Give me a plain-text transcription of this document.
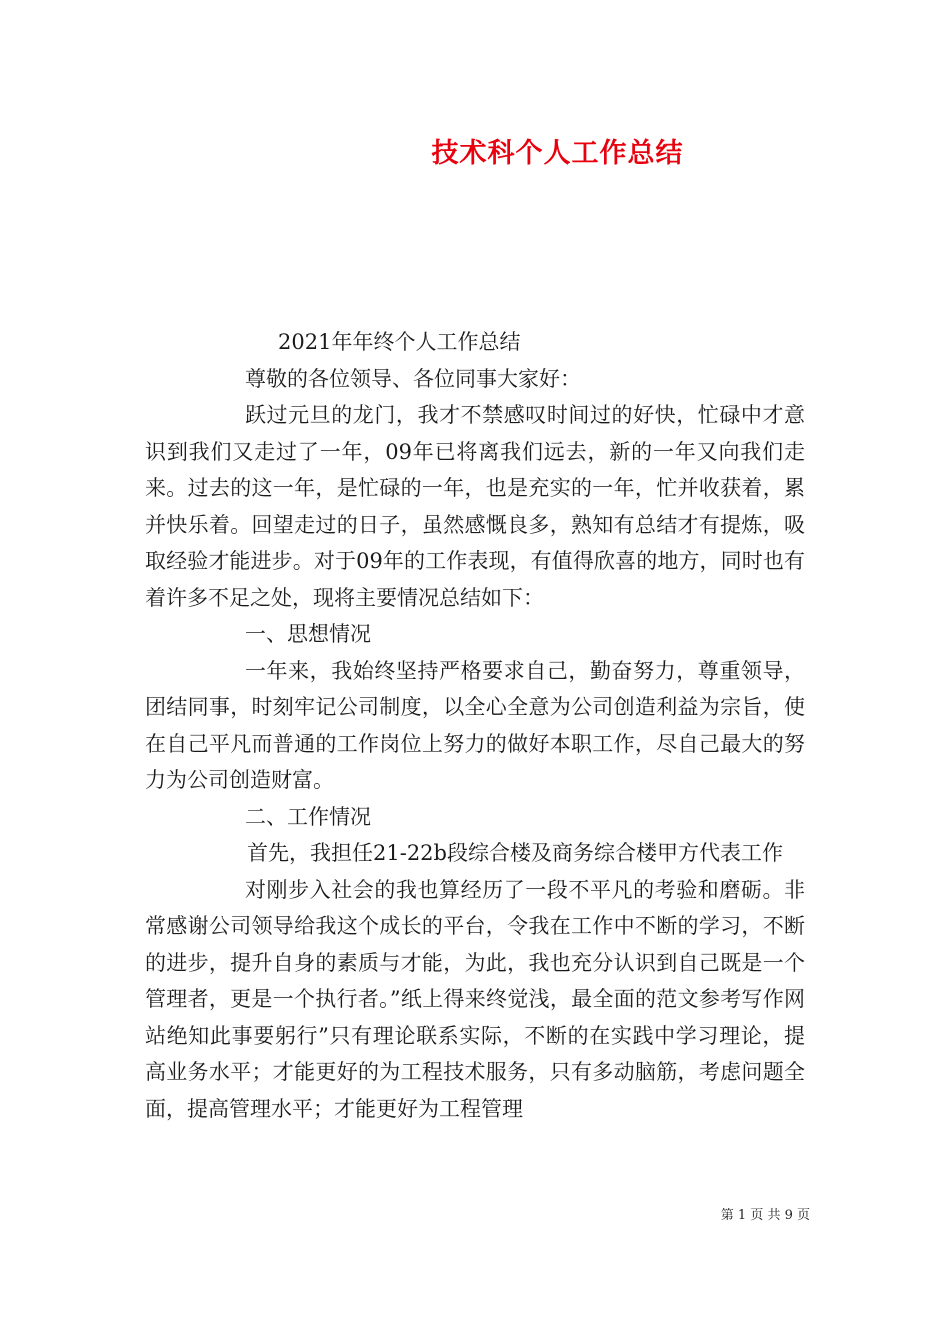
技术科个人工作总结

2021年年终个人工作总结

尊敬的各位领导、各位同事大家好：

跃过元旦的龙门，我才不禁感叹时间过的好快，忙碌中才意识到我们又走过了一年，09年已将离我们远去，新的一年又向我们走来。过去的这一年，是忙碌的一年，也是充实的一年，忙并收获着，累并快乐着。回望走过的日子，虽然感慨良多，熟知有总结才有提炼，吸取经验才能进步。对于09年的工作表现，有值得欣喜的地方，同时也有着许多不足之处，现将主要情况总结如下：

一、思想情况

一年来，我始终坚持严格要求自己，勤奋努力，尊重领导，团结同事，时刻牢记公司制度，以全心全意为公司创造利益为宗旨，使在自己平凡而普通的工作岗位上努力的做好本职工作，尽自己最大的努力为公司创造财富。

二、工作情况

首先，我担任21-22b段综合楼及商务综合楼甲方代表工作

对刚步入社会的我也算经历了一段不平凡的考验和磨砺。非常感谢公司领导给我这个成长的平台，令我在工作中不断的学习，不断的进步，提升自身的素质与才能，为此，我也充分认识到自己既是一个管理者，更是一个执行者。”纸上得来终觉浅，最全面的范文参考写作网站绝知此事要躬行”只有理论联系实际，不断的在实践中学习理论，提高业务水平；才能更好的为工程技术服务，只有多动脑筋，考虑问题全面，提高管理水平；才能更好为工程管理

第 1 页 共 9 页
